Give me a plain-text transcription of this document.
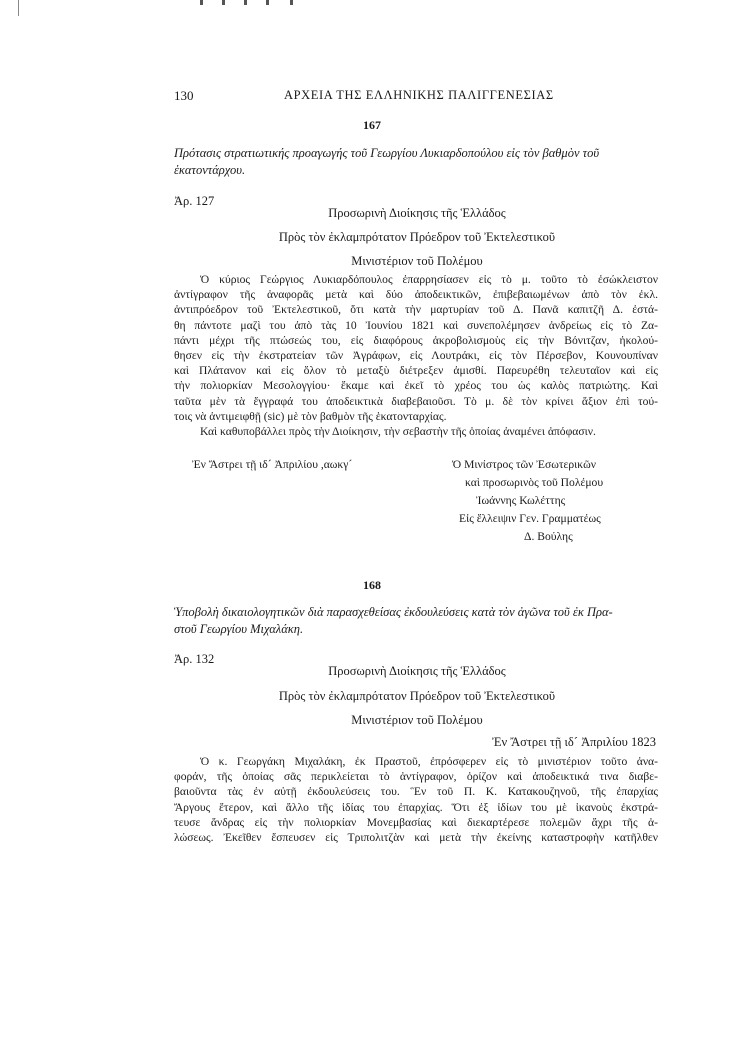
130	ΑΡΧΕΙΑ ΤΗΣ ΕΛΛΗΝΙΚΗΣ ΠΑΛΙΓΓΕΝΕΣΙΑΣ
167
Πρότασις στρατιωτικής προαγωγής τοῦ Γεωργίου Λυκιαρδοπούλου εἰς τὸν βαθμὸν τοῦ
ἑκατοντάρχου.
Ἀρ. 127
Προσωρινὴ Διοίκησις τῆς Ἑλλάδος
Πρὸς τὸν ἐκλαμπρότατον Πρόεδρον τοῦ Ἐκτελεστικοῦ
Μινιστέριον τοῦ Πολέμου
Ὁ κύριος Γεώργιος Λυκιαρδόπουλος ἐπαρρησίασεν εἰς τὸ μ. τοῦτο τὸ ἐσώκλειστον
ἀντίγραφον τῆς ἀναφορᾶς μετὰ καὶ δύο ἀποδεικτικῶν, ἐπιβεβαιωμένων ἀπὸ τὸν ἐκλ.
ἀντιπρόεδρον τοῦ Ἐκτελεστικοῦ, ὅτι κατὰ τὴν μαρτυρίαν τοῦ Δ. Πανᾶ καπιτζῆ Δ. ἐστά-
θη πάντοτε μαζὶ του ἀπὸ τὰς 10 Ἰουνίου 1821 καὶ συνεπολέμησεν ἀνδρείως εἰς τὸ Ζα-
πάντι μέχρι τῆς πτώσεώς του, εἰς διαφόρους ἀκροβολισμοὺς εἰς τὴν Βόνιτζαν, ἠκολού-
θησεν εἰς τὴν ἐκστρατείαν τῶν Ἀγράφων, εἰς Λουτράκι, εἰς τὸν Πέρσεβον, Κουνουπίναν
καὶ Πλάτανον καὶ εἰς ὅλον τὸ μεταξὺ διέτρεξεν ἀμισθί. Παρευρέθη τελευταῖον καὶ εἰς
τὴν πολιορκίαν Μεσολογγίου· ἔκαμε καὶ ἐκεῖ τὸ χρέος του ὡς καλὸς πατριώτης. Καὶ
ταῦτα μὲν τὰ ἔγγραφά του ἀποδεικτικὰ διαβεβαιοῦσι. Τὸ μ. δὲ τὸν κρίνει ἄξιον ἐπὶ τού-
τοις νὰ ἀντιμειφθῇ (sic) μὲ τὸν βαθμὸν τῆς ἑκατονταρχίας.
Καὶ καθυποβάλλει πρὸς τὴν Διοίκησιν, τὴν σεβαστὴν τῆς ὁποίας ἀναμένει ἀπόφασιν.
Ἐν Ἄστρει τῇ ιδ´ Ἀπριλίου ,αωκγ´	Ὁ Μινίστρος τῶν Ἐσωτερικῶν
καὶ προσωρινὸς τοῦ Πολέμου
Ἰωάννης Κωλέττης
Εἰς ἔλλειψιν Γεν. Γραμματέως
Δ. Βούλης
168
Ὑποβολὴ δικαιολογητικῶν διὰ παρασχεθείσας ἐκδουλεύσεις κατὰ τὸν ἀγῶνα τοῦ ἐκ Πρα-
στοῦ Γεωργίου Μιχαλάκη.
Ἀρ. 132
Προσωρινὴ Διοίκησις τῆς Ἑλλάδος
Πρὸς τὸν ἐκλαμπρότατον Πρόεδρον τοῦ Ἐκτελεστικοῦ
Μινιστέριον τοῦ Πολέμου
Ἐν Ἄστρει τῇ ιδ´ Ἀπριλίου 1823
Ὁ κ. Γεωργάκη Μιχαλάκη, ἐκ Πραστοῦ, ἐπρόσφερεν εἰς τὸ μινιστέριον τοῦτο ἀνα-
φοράν, τῆς ὁποίας σᾶς περικλείεται τὸ ἀντίγραφον, ὁρίζον καὶ ἀποδεικτικά τινα διαβε-
βαιοῦντα τὰς ἐν αὐτῇ ἐκδουλεύσεις του. Ἓν τοῦ Π. Κ. Κατακουζηνοῦ, τῆς ἐπαρχίας
Ἄργους ἕτερον, καὶ ἄλλο τῆς ἰδίας του ἐπαρχίας. Ὅτι ἐξ ἰδίων του μὲ ἱκανοὺς ἐκστρά-
τευσε ἄνδρας εἰς τὴν πολιορκίαν Μονεμβασίας καὶ διεκαρτέρεσε πολεμῶν ἄχρι τῆς ἁ-
λώσεως. Ἐκεῖθεν ἔσπευσεν εἰς Τριπολιτζὰν καὶ μετὰ τὴν ἐκείνης καταστροφὴν κατῆλθεν
